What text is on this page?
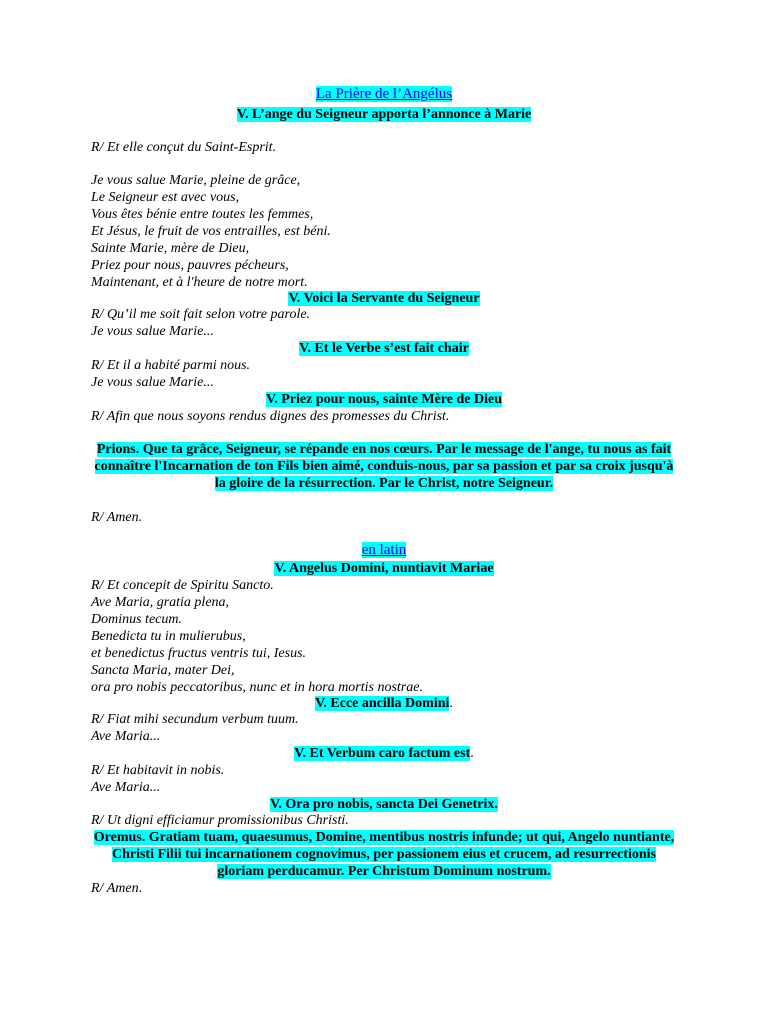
La Prière de l’Angélus
V. L’ange du Seigneur apporta l’annonce à Marie
R/ Et elle conçut du Saint-Esprit.
Je vous salue Marie, pleine de grâce,
Le Seigneur est avec vous,
Vous êtes bénie entre toutes les femmes,
Et Jésus, le fruit de vos entrailles, est béni.
Sainte Marie, mère de Dieu,
Priez pour nous, pauvres pécheurs,
Maintenant, et à l'heure de notre mort.
V. Voici la Servante du Seigneur
R/ Qu’il me soit fait selon votre parole.
Je vous salue Marie...
V. Et le Verbe s’est fait chair
R/ Et il a habité parmi nous.
Je vous salue Marie...
V. Priez pour nous, sainte Mère de Dieu
R/ Afin que nous soyons rendus dignes des promesses du Christ.
Prions. Que ta grâce, Seigneur, se répande en nos cœurs. Par le message de l'ange, tu nous as fait connaître l'Incarnation de ton Fils bien aimé, conduis-nous, par sa passion et par sa croix jusqu'à la gloire de la résurrection. Par le Christ, notre Seigneur.
R/ Amen.
en latin
V. Angelus Domini, nuntiavit Mariae
R/ Et concepit de Spiritu Sancto.
Ave Maria, gratia plena,
Dominus tecum.
Benedicta tu in mulierubus,
et benedictus fructus ventris tui, Iesus.
Sancta Maria, mater Dei,
ora pro nobis peccatoribus, nunc et in hora mortis nostrae.
V. Ecce ancilla Domini.
R/ Fiat mihi secundum verbum tuum.
Ave Maria...
V. Et Verbum caro factum est.
R/ Et habitavit in nobis.
Ave Maria...
V. Ora pro nobis, sancta Dei Genetrix.
R/ Ut digni efficiamur promissionibus Christi.
Oremus. Gratiam tuam, quaesumus, Domine, mentibus nostris infunde; ut qui, Angelo nuntiante, Christi Filii tui incarnationem cognovimus, per passionem eius et crucem, ad resurrectionis gloriam perducamur. Per Christum Dominum nostrum.
R/ Amen.
